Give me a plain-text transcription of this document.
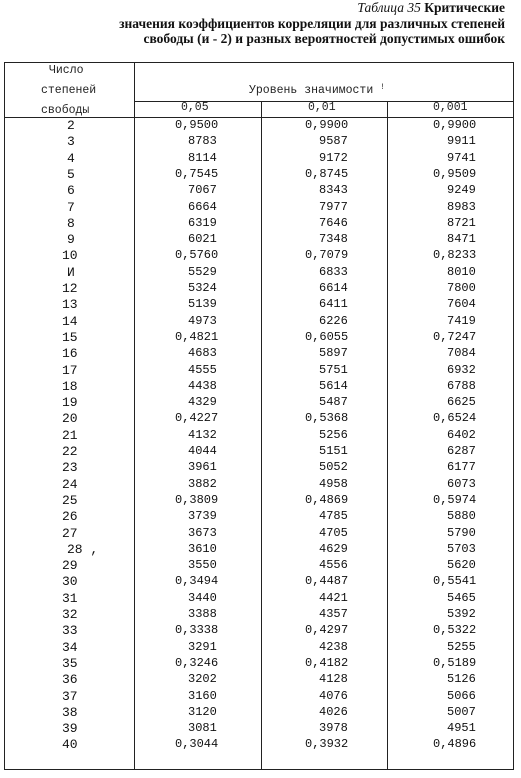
Таблица 35 Критические
значения коэффициентов корреляции для различных степеней
свободы (и - 2) и разных вероятностей допустимых ошибок
Число
степеней
свободы
Уровень значимости !
0,05	0,01	0,001
2	0,9500	0,9900	0,9900
3	8783	9587	9911
4	8114	9172	9741
5	0,7545	0,8745	0,9509
6	7067	8343	9249
7	6664	7977	8983
8	6319	7646	8721
9	6021	7348	8471
10	0,5760	0,7079	0,8233
И	5529	6833	8010
12	5324	6614	7800
13	5139	6411	7604
14	4973	6226	7419
15	0,4821	0,6055	0,7247
16	4683	5897	7084
17	4555	5751	6932
18	4438	5614	6788
19	4329	5487	6625
20	0,4227	0,5368	0,6524
21	4132	5256	6402
22	4044	5151	6287
23	3961	5052	6177
24	3882	4958	6073
25	0,3809	0,4869	0,5974
26	3739	4785	5880
27	3673	4705	5790
28 ,	3610	4629	5703
29	3550	4556	5620
30	0,3494	0,4487	0,5541
31	3440	4421	5465
32	3388	4357	5392
33	0,3338	0,4297	0,5322
34	3291	4238	5255
35	0,3246	0,4182	0,5189
36	3202	4128	5126
37	3160	4076	5066
38	3120	4026	5007
39	3081	3978	4951
40	0,3044	0,3932	0,4896
